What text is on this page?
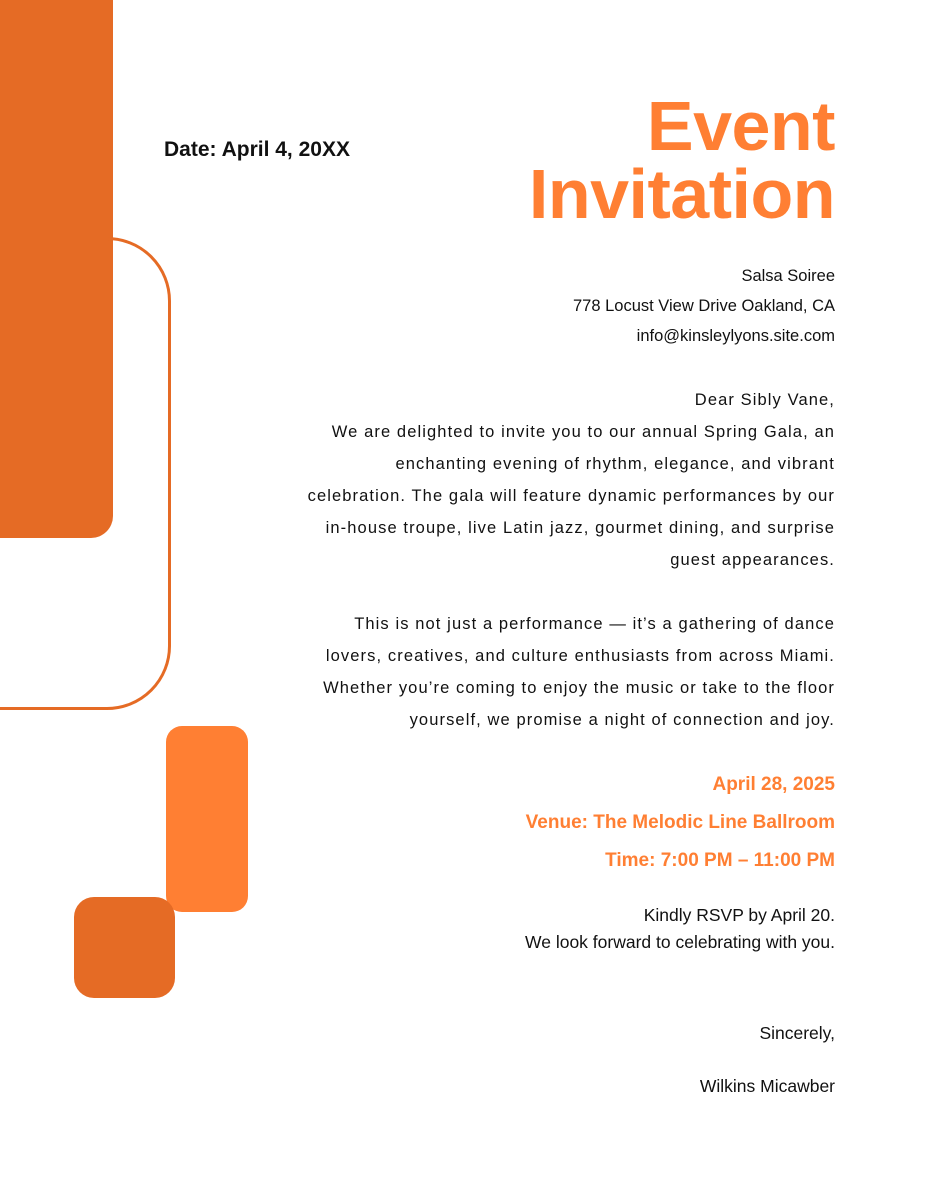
Date: April 4, 20XX	Event
Invitation
Salsa Soiree
778 Locust View Drive Oakland, CA
info@kinsleylyons.site.com

Dear Sibly Vane,

We are delighted to invite you to our annual Spring Gala, an enchanting evening of rhythm, elegance, and vibrant celebration. The gala will feature dynamic performances by our in-house troupe, live Latin jazz, gourmet dining, and surprise guest appearances.

This is not just a performance — it’s a gathering of dance lovers, creatives, and culture enthusiasts from across Miami. Whether you’re coming to enjoy the music or take to the floor yourself, we promise a night of connection and joy.

April 28, 2025
Venue: The Melodic Line Ballroom
Time: 7:00 PM – 11:00 PM
Kindly RSVP by April 20.
We look forward to celebrating with you.
Sincerely,
Wilkins Micawber
